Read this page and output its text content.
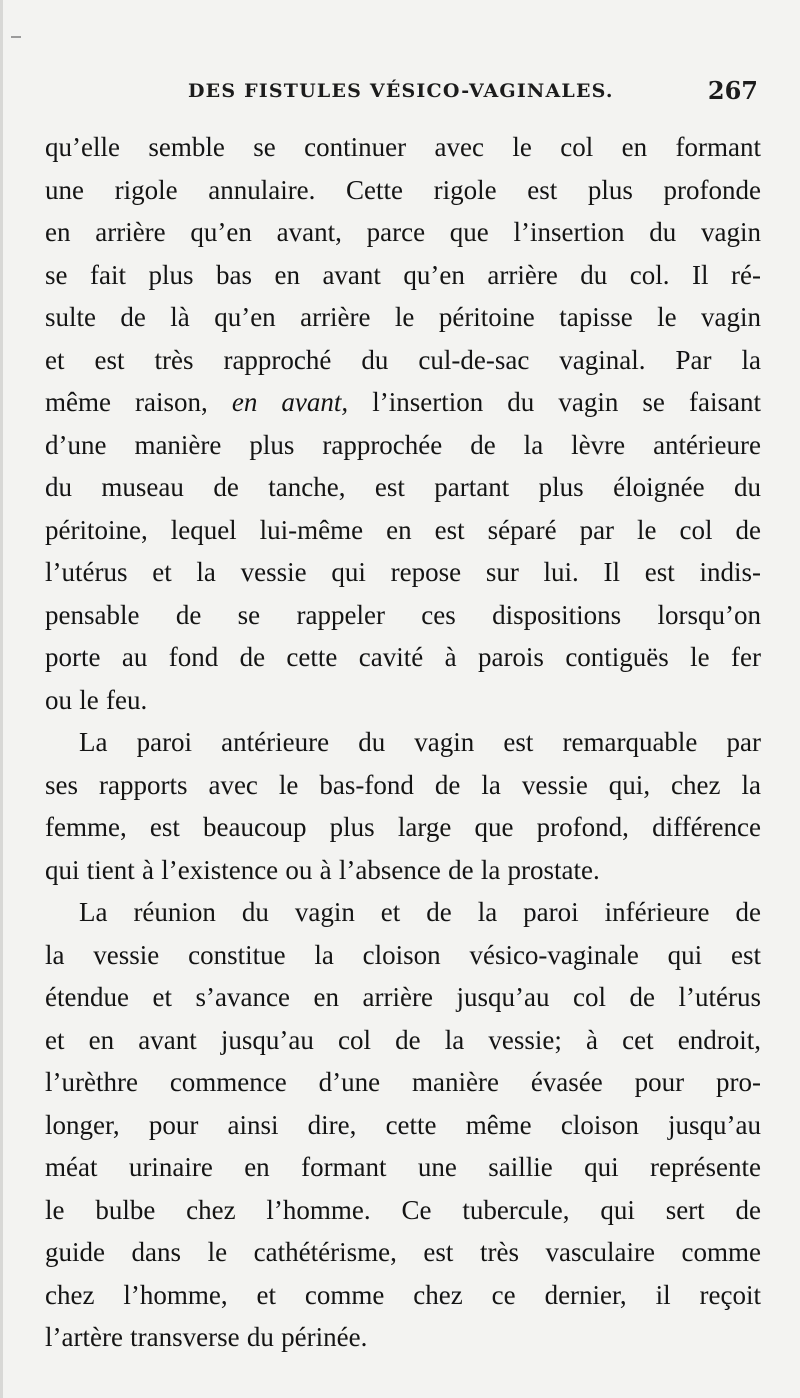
DES FISTULES VÉSICO-VAGINALES.	267
qu’elle semble se continuer avec le col en formant
une rigole annulaire. Cette rigole est plus profonde
en arrière qu’en avant, parce que l’insertion du vagin
se fait plus bas en avant qu’en arrière du col. Il ré-
sulte de là qu’en arrière le péritoine tapisse le vagin
et est très rapproché du cul-de-sac vaginal. Par la
même raison, en avant, l’insertion du vagin se faisant
d’une manière plus rapprochée de la lèvre antérieure
du museau de tanche, est partant plus éloignée du
péritoine, lequel lui-même en est séparé par le col de
l’utérus et la vessie qui repose sur lui. Il est indis-
pensable de se rappeler ces dispositions lorsqu’on
porte au fond de cette cavité à parois contiguës le fer
ou le feu.
La paroi antérieure du vagin est remarquable par
ses rapports avec le bas-fond de la vessie qui, chez la
femme, est beaucoup plus large que profond, différence
qui tient à l’existence ou à l’absence de la prostate.
La réunion du vagin et de la paroi inférieure de
la vessie constitue la cloison vésico-vaginale qui est
étendue et s’avance en arrière jusqu’au col de l’utérus
et en avant jusqu’au col de la vessie; à cet endroit,
l’urèthre commence d’une manière évasée pour pro-
longer, pour ainsi dire, cette même cloison jusqu’au
méat urinaire en formant une saillie qui représente
le bulbe chez l’homme. Ce tubercule, qui sert de
guide dans le cathétérisme, est très vasculaire comme
chez l’homme, et comme chez ce dernier, il reçoit
l’artère transverse du périnée.
